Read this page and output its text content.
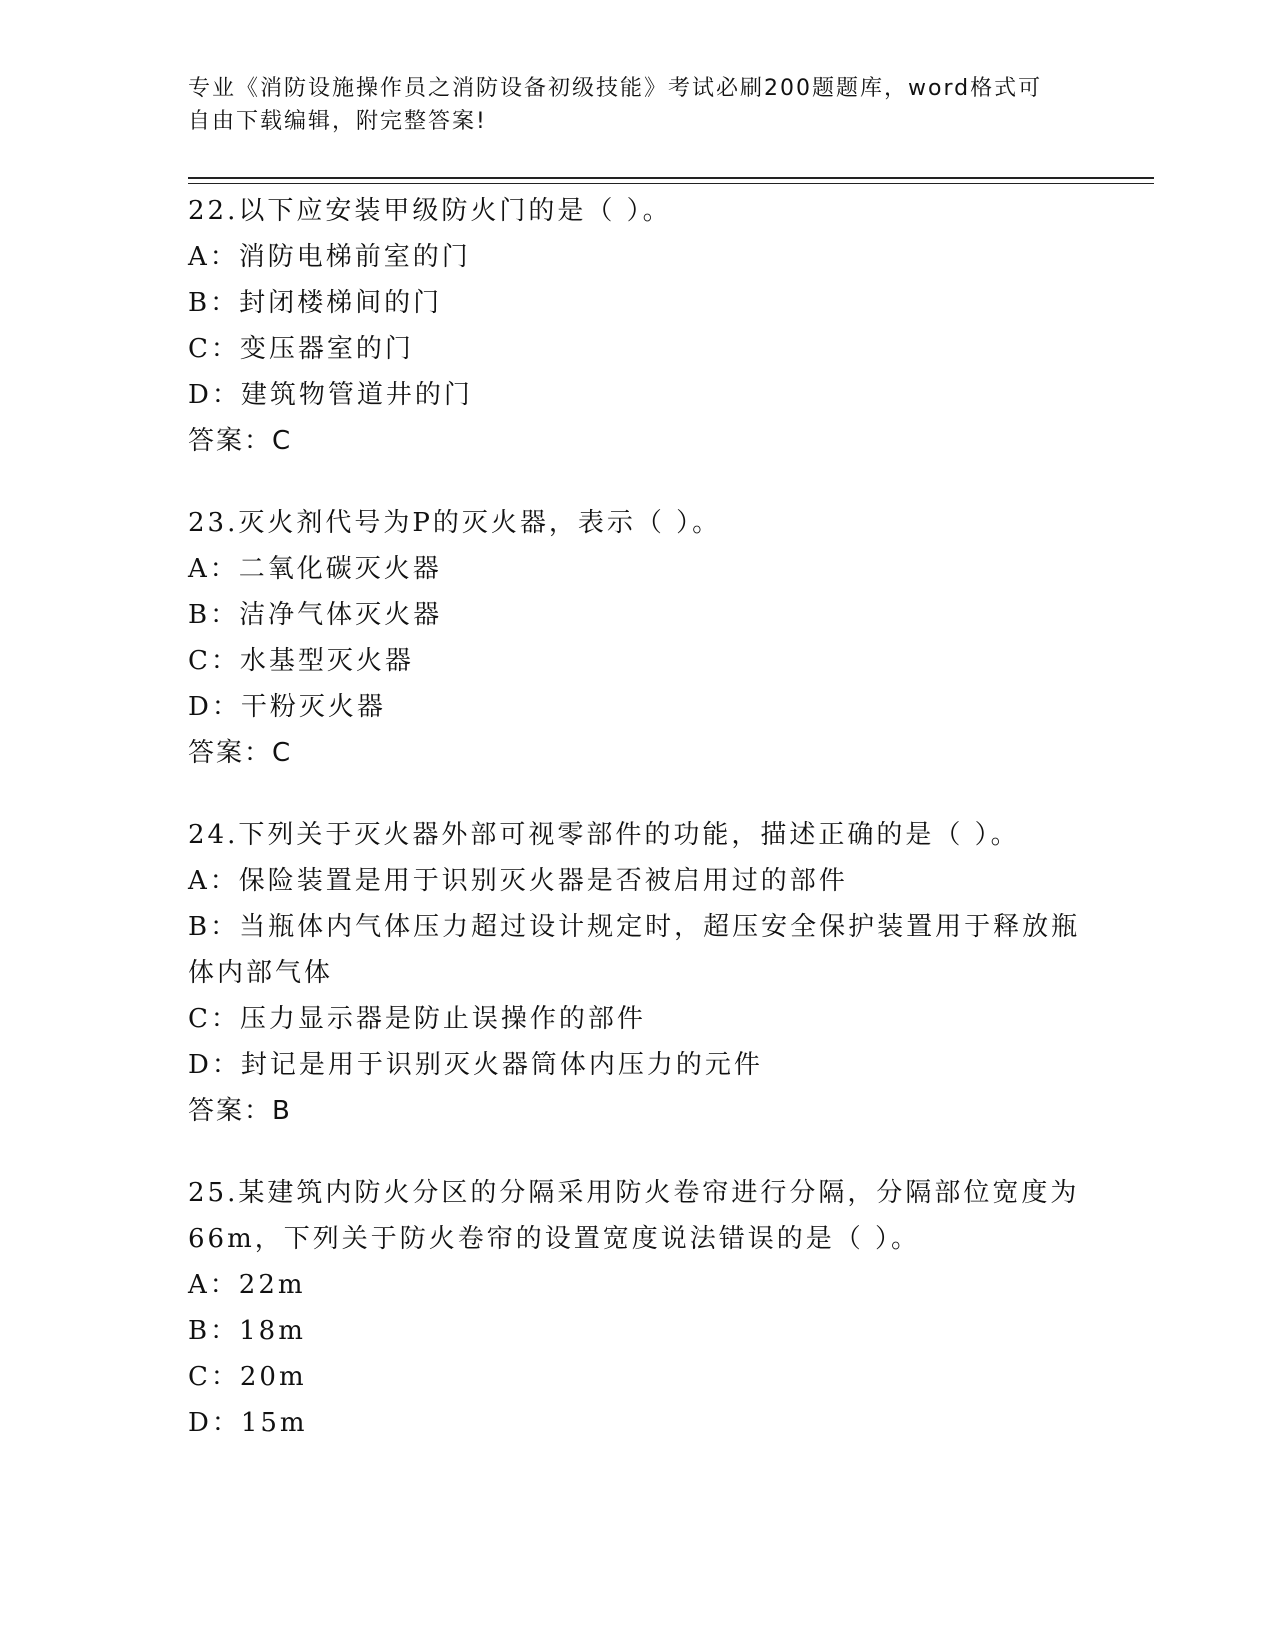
专业《消防设施操作员之消防设备初级技能》考试必刷200题题库，word格式可
自由下载编辑，附完整答案!

22.以下应安装甲级防火门的是（ ）。

A：消防电梯前室的门

B：封闭楼梯间的门

C：变压器室的门

D：建筑物管道井的门

答案：C

23.灭火剂代号为P的灭火器，表示（ ）。

A：二氧化碳灭火器

B：洁净气体灭火器

C：水基型灭火器

D：干粉灭火器

答案：C

24.下列关于灭火器外部可视零部件的功能，描述正确的是（ ）。

A：保险装置是用于识别灭火器是否被启用过的部件

B：当瓶体内气体压力超过设计规定时，超压安全保护装置用于释放瓶体内部气体

C：压力显示器是防止误操作的部件

D：封记是用于识别灭火器筒体内压力的元件

答案：B

25.某建筑内防火分区的分隔采用防火卷帘进行分隔，分隔部位宽度为66m，下列关于防火卷帘的设置宽度说法错误的是（ ）。

A：22m

B：18m

C：20m

D：15m
